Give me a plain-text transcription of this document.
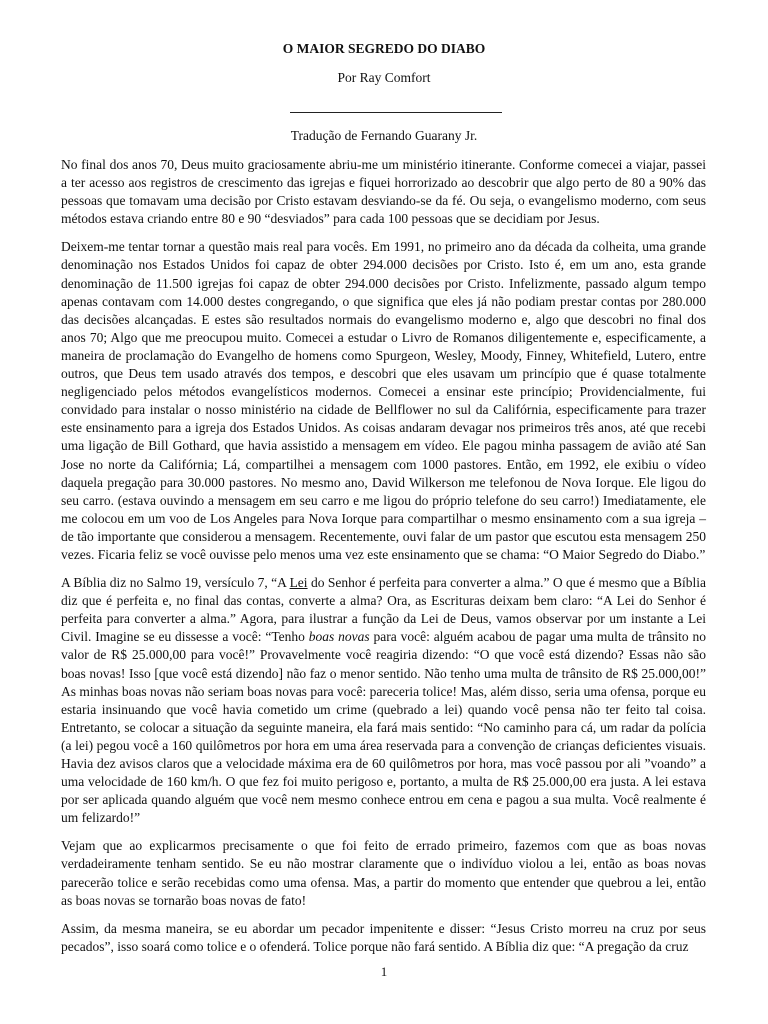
O MAIOR SEGREDO DO DIABO

Por Ray Comfort

Tradução de Fernando Guarany Jr.

No final dos anos 70, Deus muito graciosamente abriu-me um ministério itinerante. Conforme comecei a viajar, passei a ter acesso aos registros de crescimento das igrejas e fiquei horrorizado ao descobrir que algo perto de 80 a 90% das pessoas que tomavam uma decisão por Cristo estavam desviando-se da fé. Ou seja, o evangelismo moderno, com seus métodos estava criando entre 80 e 90 “desviados” para cada 100 pessoas que se decidiam por Jesus.

Deixem-me tentar tornar a questão mais real para vocês. Em 1991, no primeiro ano da década da colheita, uma grande denominação nos Estados Unidos foi capaz de obter 294.000 decisões por Cristo. Isto é, em um ano, esta grande denominação de 11.500 igrejas foi capaz de obter 294.000 decisões por Cristo. Infelizmente, passado algum tempo apenas contavam com 14.000 destes congregando, o que significa que eles já não podiam prestar contas por 280.000 das decisões alcançadas. E estes são resultados normais do evangelismo moderno e, algo que descobri no final dos anos 70; Algo que me preocupou muito. Comecei a estudar o Livro de Romanos diligentemente e, especificamente, a maneira de proclamação do Evangelho de homens como Spurgeon, Wesley, Moody, Finney, Whitefield, Lutero, entre outros, que Deus tem usado através dos tempos, e descobri que eles usavam um princípio que é quase totalmente negligenciado pelos métodos evangelísticos modernos. Comecei a ensinar este princípio; Providencialmente, fui convidado para instalar o nosso ministério na cidade de Bellflower no sul da Califórnia, especificamente para trazer este ensinamento para a igreja dos Estados Unidos. As coisas andaram devagar nos primeiros três anos, até que recebi uma ligação de Bill Gothard, que havia assistido a mensagem em vídeo. Ele pagou minha passagem de avião até San Jose no norte da Califórnia; Lá, compartilhei a mensagem com 1000 pastores. Então, em 1992, ele exibiu o vídeo daquela pregação para 30.000 pastores. No mesmo ano, David Wilkerson me telefonou de Nova Iorque. Ele ligou do seu carro. (estava ouvindo a mensagem em seu carro e me ligou do próprio telefone do seu carro!) Imediatamente, ele me colocou em um voo de Los Angeles para Nova Iorque para compartilhar o mesmo ensinamento com a sua igreja – de tão importante que considerou a mensagem. Recentemente, ouvi falar de um pastor que escutou esta mensagem 250 vezes. Ficaria feliz se você ouvisse pelo menos uma vez este ensinamento que se chama: “O Maior Segredo do Diabo.”

A Bíblia diz no Salmo 19, versículo 7, “A Lei do Senhor é perfeita para converter a alma.” O que é mesmo que a Bíblia diz que é perfeita e, no final das contas, converte a alma? Ora, as Escrituras deixam bem claro: “A Lei do Senhor é perfeita para converter a alma.” Agora, para ilustrar a função da Lei de Deus, vamos observar por um instante a Lei Civil. Imagine se eu dissesse a você: “Tenho boas novas para você: alguém acabou de pagar uma multa de trânsito no valor de R$ 25.000,00 para você!” Provavelmente você reagiria dizendo: “O que você está dizendo? Essas não são boas novas! Isso [que você está dizendo] não faz o menor sentido. Não tenho uma multa de trânsito de R$ 25.000,00!” As minhas boas novas não seriam boas novas para você: pareceria tolice! Mas, além disso, seria uma ofensa, porque eu estaria insinuando que você havia cometido um crime (quebrado a lei) quando você pensa não ter feito tal coisa. Entretanto, se colocar a situação da seguinte maneira, ela fará mais sentido: “No caminho para cá, um radar da polícia (a lei) pegou você a 160 quilômetros por hora em uma área reservada para a convenção de crianças deficientes visuais. Havia dez avisos claros que a velocidade máxima era de 60 quilômetros por hora, mas você passou por ali ”voando” a uma velocidade de 160 km/h. O que fez foi muito perigoso e, portanto, a multa de R$ 25.000,00 era justa. A lei estava por ser aplicada quando alguém que você nem mesmo conhece entrou em cena e pagou a sua multa. Você realmente é um felizardo!”

Vejam que ao explicarmos precisamente o que foi feito de errado primeiro, fazemos com que as boas novas verdadeiramente tenham sentido. Se eu não mostrar claramente que o indivíduo violou a lei, então as boas novas parecerão tolice e serão recebidas como uma ofensa. Mas, a partir do momento que entender que quebrou a lei, então as boas novas se tornarão boas novas de fato!

Assim, da mesma maneira, se eu abordar um pecador impenitente e disser: “Jesus Cristo morreu na cruz por seus pecados”, isso soará como tolice e o ofenderá. Tolice porque não fará sentido. A Bíblia diz que: “A pregação da cruz

1
